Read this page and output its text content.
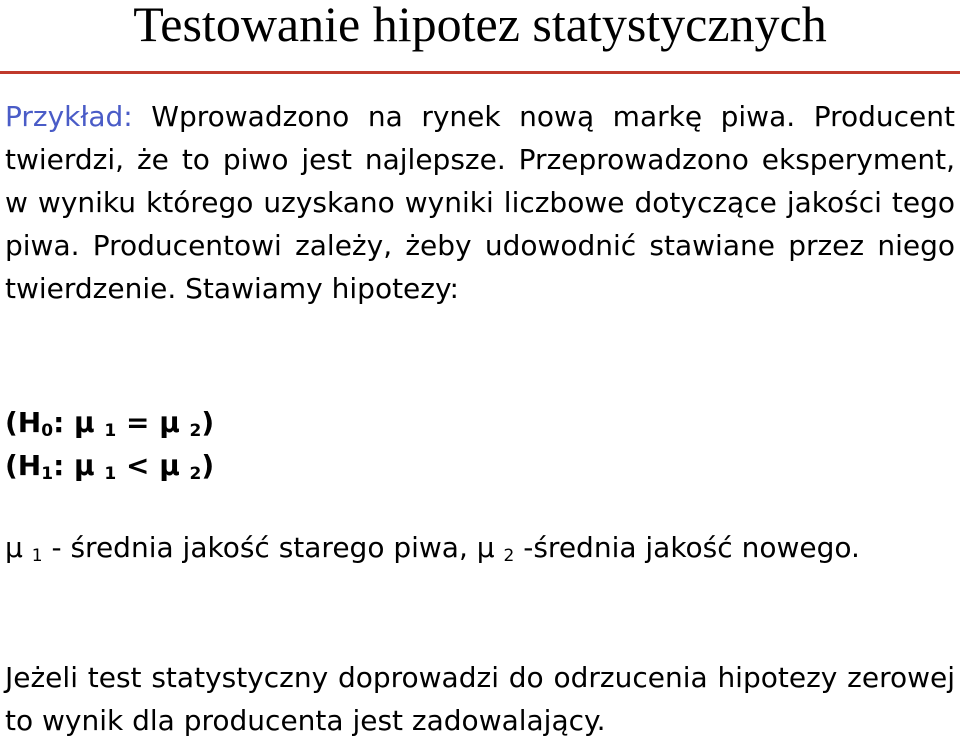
Testowanie hipotez statystycznych

Przykład: Wprowadzono na rynek nową markę piwa. Producent twierdzi, że to piwo jest najlepsze. Przeprowadzono eksperyment, w wyniku którego uzyskano wyniki liczbowe dotyczące jakości tego piwa. Producentowi zależy, żeby udowodnić stawiane przez niego twierdzenie. Stawiamy hipotezy:

($H_0$: μ $_1$ = μ $_2$)
($H_1$: μ $_1$ < μ $_2$)

μ $_1$ - średnia jakość starego piwa, μ $_2$ -średnia jakość nowego.

Jeżeli test statystyczny doprowadzi do odrzucenia hipotezy zerowej to wynik dla producenta jest zadowalający.
